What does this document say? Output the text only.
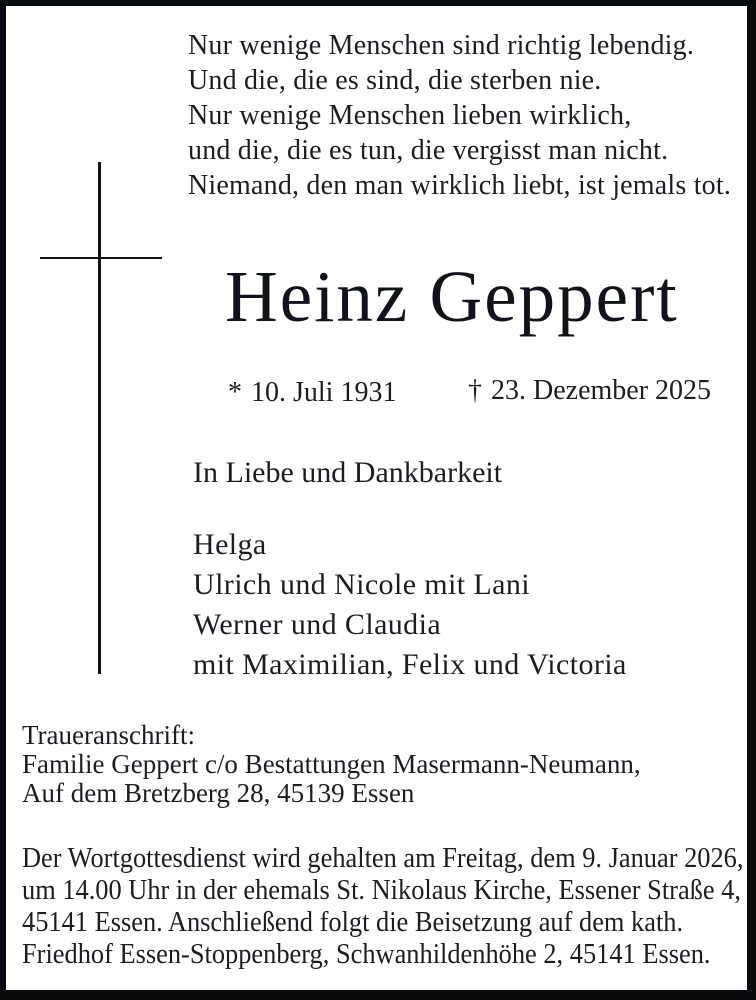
Nur wenige Menschen sind richtig lebendig.
Und die, die es sind, die sterben nie.
Nur wenige Menschen lieben wirklich,
und die, die es tun, die vergisst man nicht.
Niemand, den man wirklich liebt, ist jemals tot.
Heinz Geppert
* 10. Juli 1931	† 23. Dezember 2025
In Liebe und Dankbarkeit
Helga
Ulrich und Nicole mit Lani
Werner und Claudia
mit Maximilian, Felix und Victoria
Traueranschrift:
Familie Geppert c/o Bestattungen Masermann-Neumann,
Auf dem Bretzberg 28, 45139 Essen
Der Wortgottesdienst wird gehalten am Freitag, dem 9. Januar 2026,
um 14.00 Uhr in der ehemals St. Nikolaus Kirche, Essener Straße 4,
45141 Essen. Anschließend folgt die Beisetzung auf dem kath.
Friedhof Essen-Stoppenberg, Schwanhildenhöhe 2, 45141 Essen.
